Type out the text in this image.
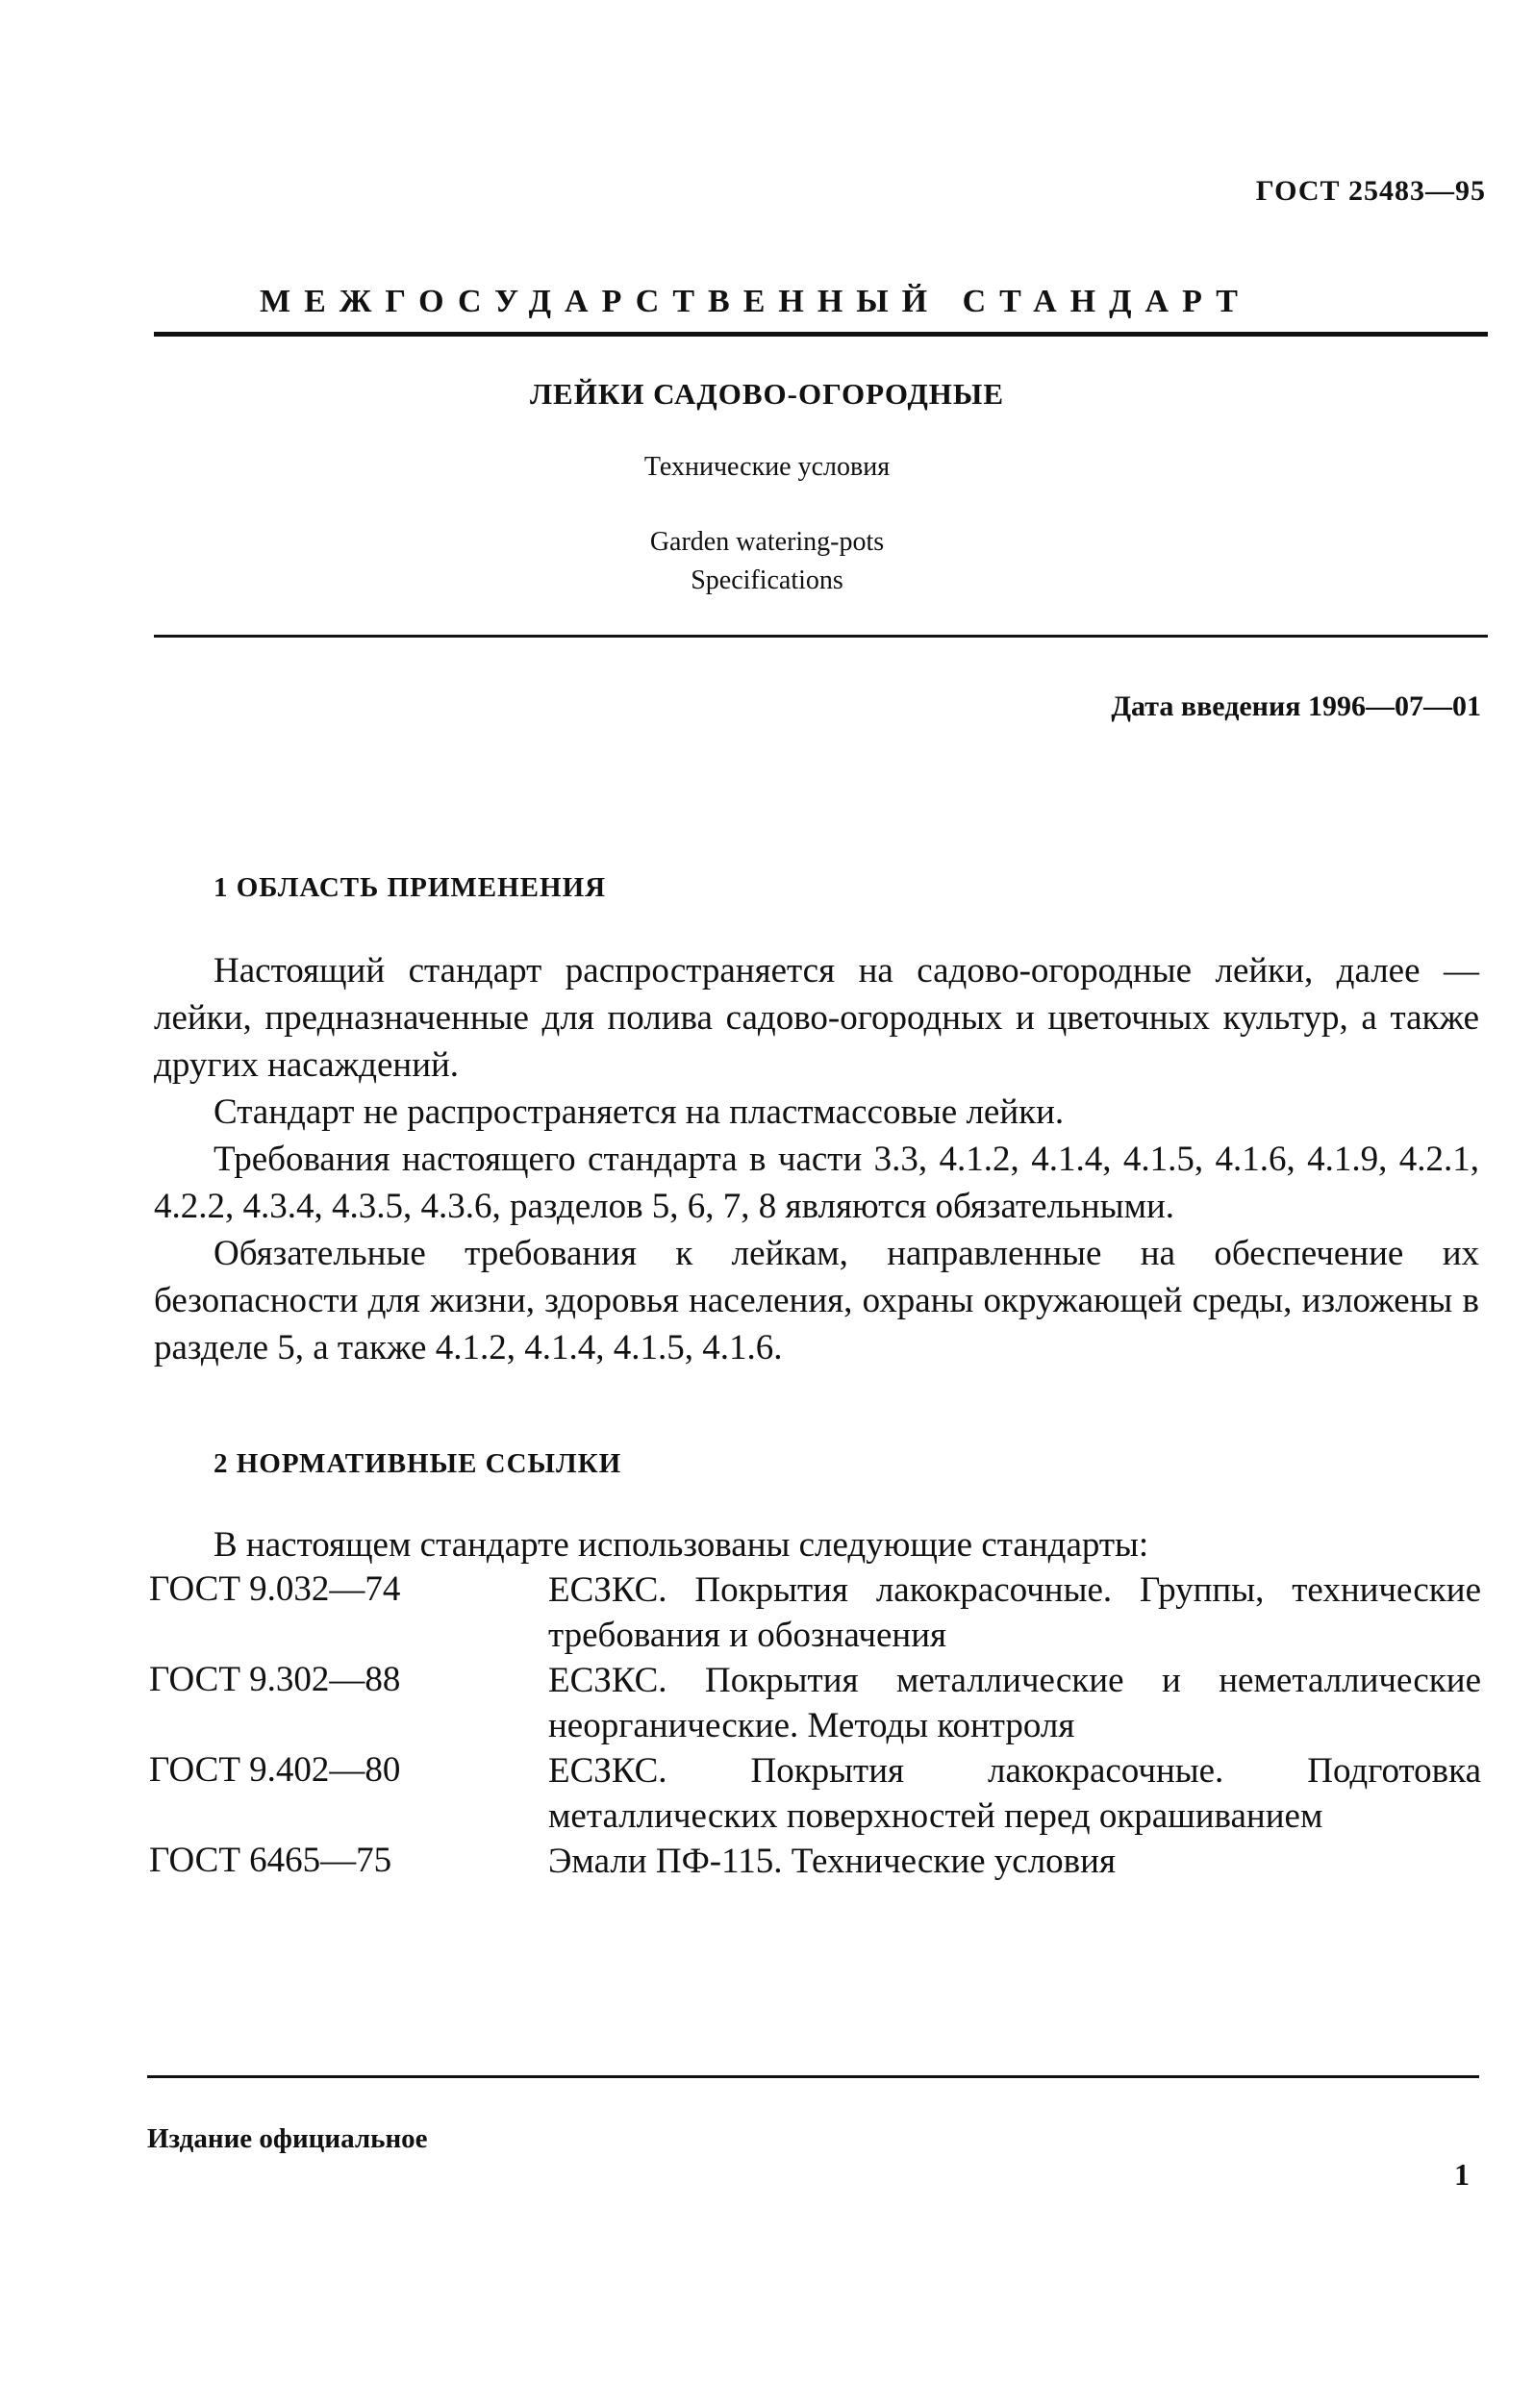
ГОСТ 25483—95
МЕЖГОСУДАРСТВЕННЫЙ СТАНДАРТ
ЛЕЙКИ САДОВО-ОГОРОДНЫЕ
Технические условия
Garden watering-pots
Specifications
Дата введения 1996—07—01
1 ОБЛАСТЬ ПРИМЕНЕНИЯ

Настоящий стандарт распространяется на садово-огородные лейки, далее — лейки, предназначенные для полива садово-огородных и цветочных культур, а также других насаждений.

Стандарт не распространяется на пластмассовые лейки.

Требования настоящего стандарта в части 3.3, 4.1.2, 4.1.4, 4.1.5, 4.1.6, 4.1.9, 4.2.1, 4.2.2, 4.3.4, 4.3.5, 4.3.6, разделов 5, 6, 7, 8 являются обязательными.

Обязательные требования к лейкам, направленные на обеспечение их безопасности для жизни, здоровья населения, охраны окружающей среды, изложены в разделе 5, а также 4.1.2, 4.1.4, 4.1.5, 4.1.6.

2 НОРМАТИВНЫЕ ССЫЛКИ
В настоящем стандарте использованы следующие стандарты:
ГОСТ 9.032—74	ЕСЗКС. Покрытия лакокрасочные. Группы, технические требования и обозначения
ГОСТ 9.302—88	ЕСЗКС. Покрытия металлические и неметаллические неорганические. Методы контроля
ГОСТ 9.402—80	ЕСЗКС. Покрытия лакокрасочные. Подготовка металлических поверхностей перед окрашиванием
ГОСТ 6465—75	Эмали ПФ-115. Технические условия
Издание официальное
1
